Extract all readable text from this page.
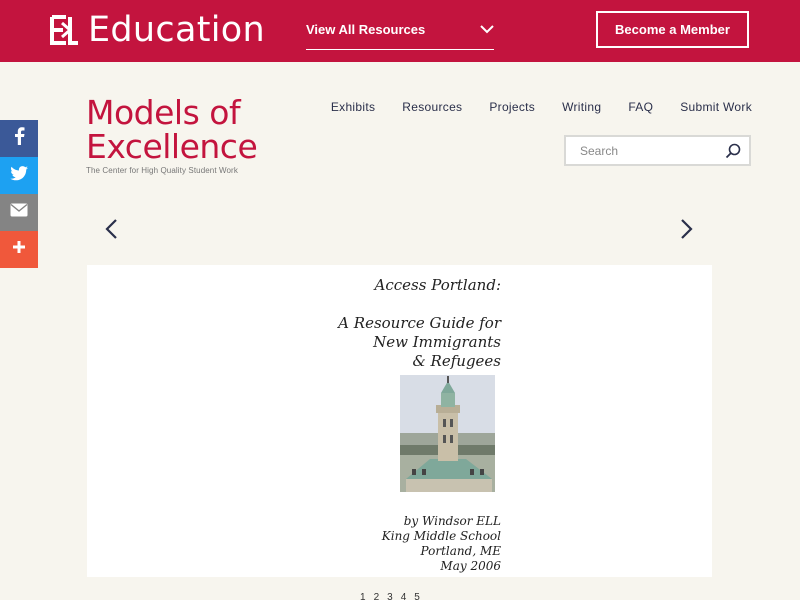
Education	View All Resources	Become a Member
Models of
Excellence
The Center for High Quality Student Work
Exhibits Resources Projects Writing FAQ Submit Work
Search
Access Portland:
A Resource Guide for
New Immigrants
& Refugees
by Windsor ELL
King Middle School
Portland, ME
May 2006
1 2 3 4 5
